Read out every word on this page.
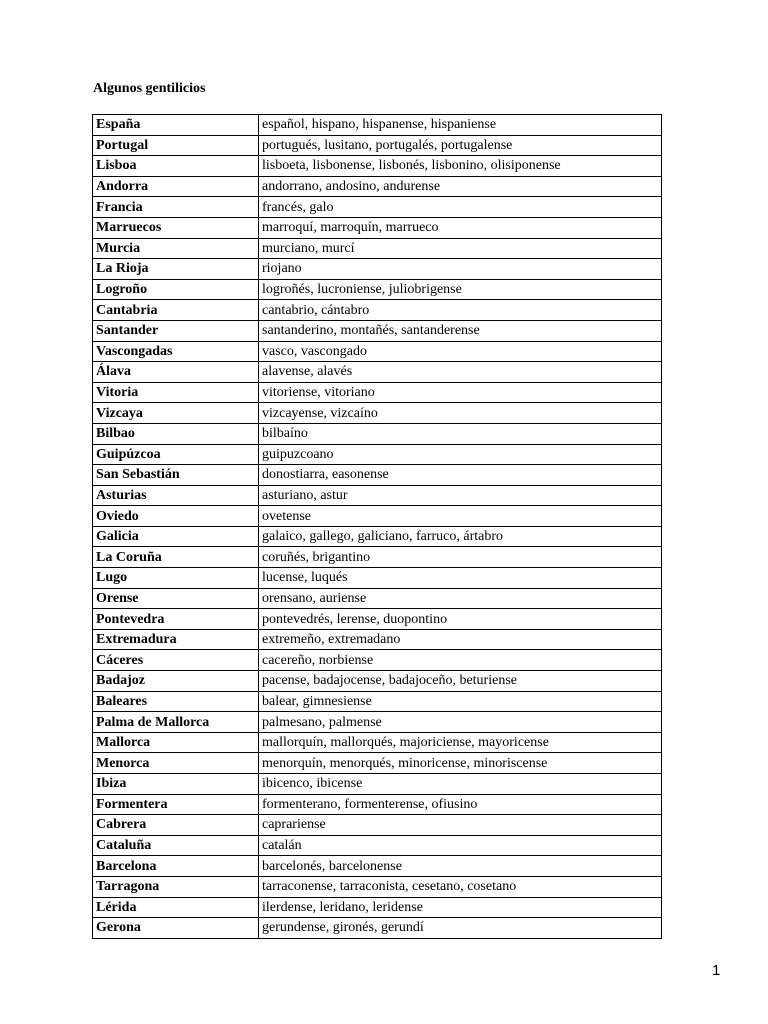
Algunos gentilicios
España	español, hispano, hispanense, hispaniense
Portugal	portugués, lusitano, portugalés, portugalense
Lisboa	lisboeta, lisbonense, lisbonés, lisbonino, olisiponense
Andorra	andorrano, andosino, andurense
Francia	francés, galo
Marruecos	marroquí, marroquín, marrueco
Murcia	murciano, murcí
La Rioja	riojano
Logroño	logroñés, lucroniense, juliobrigense
Cantabria	cantabrio, cántabro
Santander	santanderino, montañés, santanderense
Vascongadas	vasco, vascongado
Álava	alavense, alavés
Vitoria	vitoriense, vitoriano
Vizcaya	vizcayense, vizcaíno
Bilbao	bilbaíno
Guipúzcoa	guipuzcoano
San Sebastián	donostiarra, easonense
Asturias	asturiano, astur
Oviedo	ovetense
Galicia	galaico, gallego, galiciano, farruco, ártabro
La Coruña	coruñés, brigantino
Lugo	lucense, luqués
Orense	orensano, auriense
Pontevedra	pontevedrés, lerense, duopontino
Extremadura	extremeño, extremadano
Cáceres	cacereño, norbiense
Badajoz	pacense, badajocense, badajoceño, beturiense
Baleares	balear, gimnesiense
Palma de Mallorca	palmesano, palmense
Mallorca	mallorquín, mallorqués, majoriciense, mayoricense
Menorca	menorquín, menorqués, minoricense, minoriscense
Ibiza	ibicenco, ibicense
Formentera	formenterano, formenterense, ofiusino
Cabrera	caprariense
Cataluña	catalán
Barcelona	barcelonés, barcelonense
Tarragona	tarraconense, tarraconista, cesetano, cosetano
Lérida	ilerdense, leridano, leridense
Gerona	gerundense, gironés, gerundí
1
